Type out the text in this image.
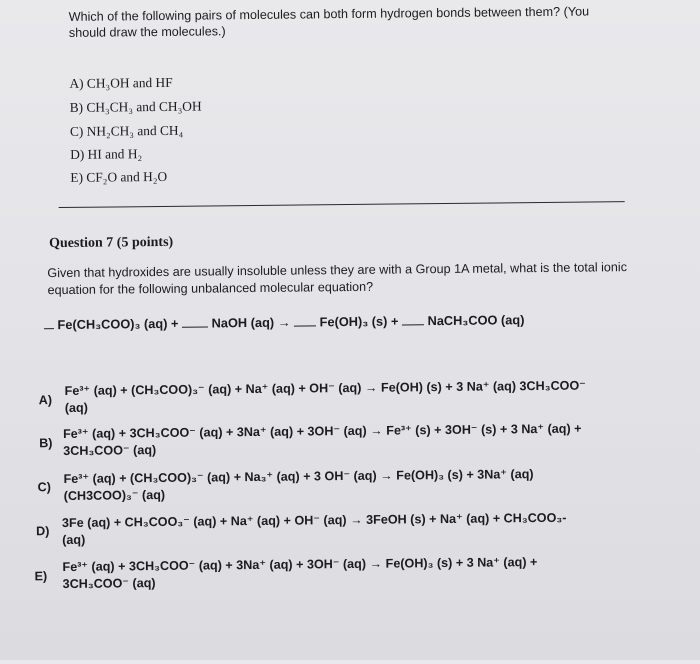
Which of the following pairs of molecules can both form hydrogen bonds between them? (You should draw the molecules.)
A) CH₃OH and HF
B) CH₃CH₃ and CH₃OH
C) NH₂CH₃ and CH₄
D) HI and H₂
E) CF₂O and H₂O
Question 7 (5 points)
Given that hydroxides are usually insoluble unless they are with a Group 1A metal, what is the total ionic equation for the following unbalanced molecular equation?
Fe(CH₃COO)₃ (aq) +	NaOH (aq) → Fe(OH)₃ (s) + NaCH₃COO (aq)
A)
Fe³⁺ (aq) + (CH₃COO)₃⁻ (aq) + Na⁺ (aq) + OH⁻ (aq) → Fe(OH) (s) + 3 Na⁺ (aq) 3CH₃COO⁻
(aq)
B)
Fe³⁺ (aq) + 3CH₃COO⁻ (aq) + 3Na⁺ (aq) + 3OH⁻ (aq) → Fe³⁺ (s) + 3OH⁻ (s) + 3 Na⁺ (aq) +
3CH₃COO⁻ (aq)
C)
Fe³⁺ (aq) + (CH₃COO)₃⁻ (aq) + Na₃⁺ (aq) + 3 OH⁻ (aq) → Fe(OH)₃ (s) + 3Na⁺ (aq)
(CH3COO)₃⁻ (aq)
D)
3Fe (aq) + CH₃COO₃⁻ (aq) + Na⁺ (aq) + OH⁻ (aq) → 3FeOH (s) + Na⁺ (aq) + CH₃COO₃-
(aq)
E)
Fe³⁺ (aq) + 3CH₃COO⁻ (aq) + 3Na⁺ (aq) + 3OH⁻ (aq) → Fe(OH)₃ (s) + 3 Na⁺ (aq) +
3CH₃COO⁻ (aq)
